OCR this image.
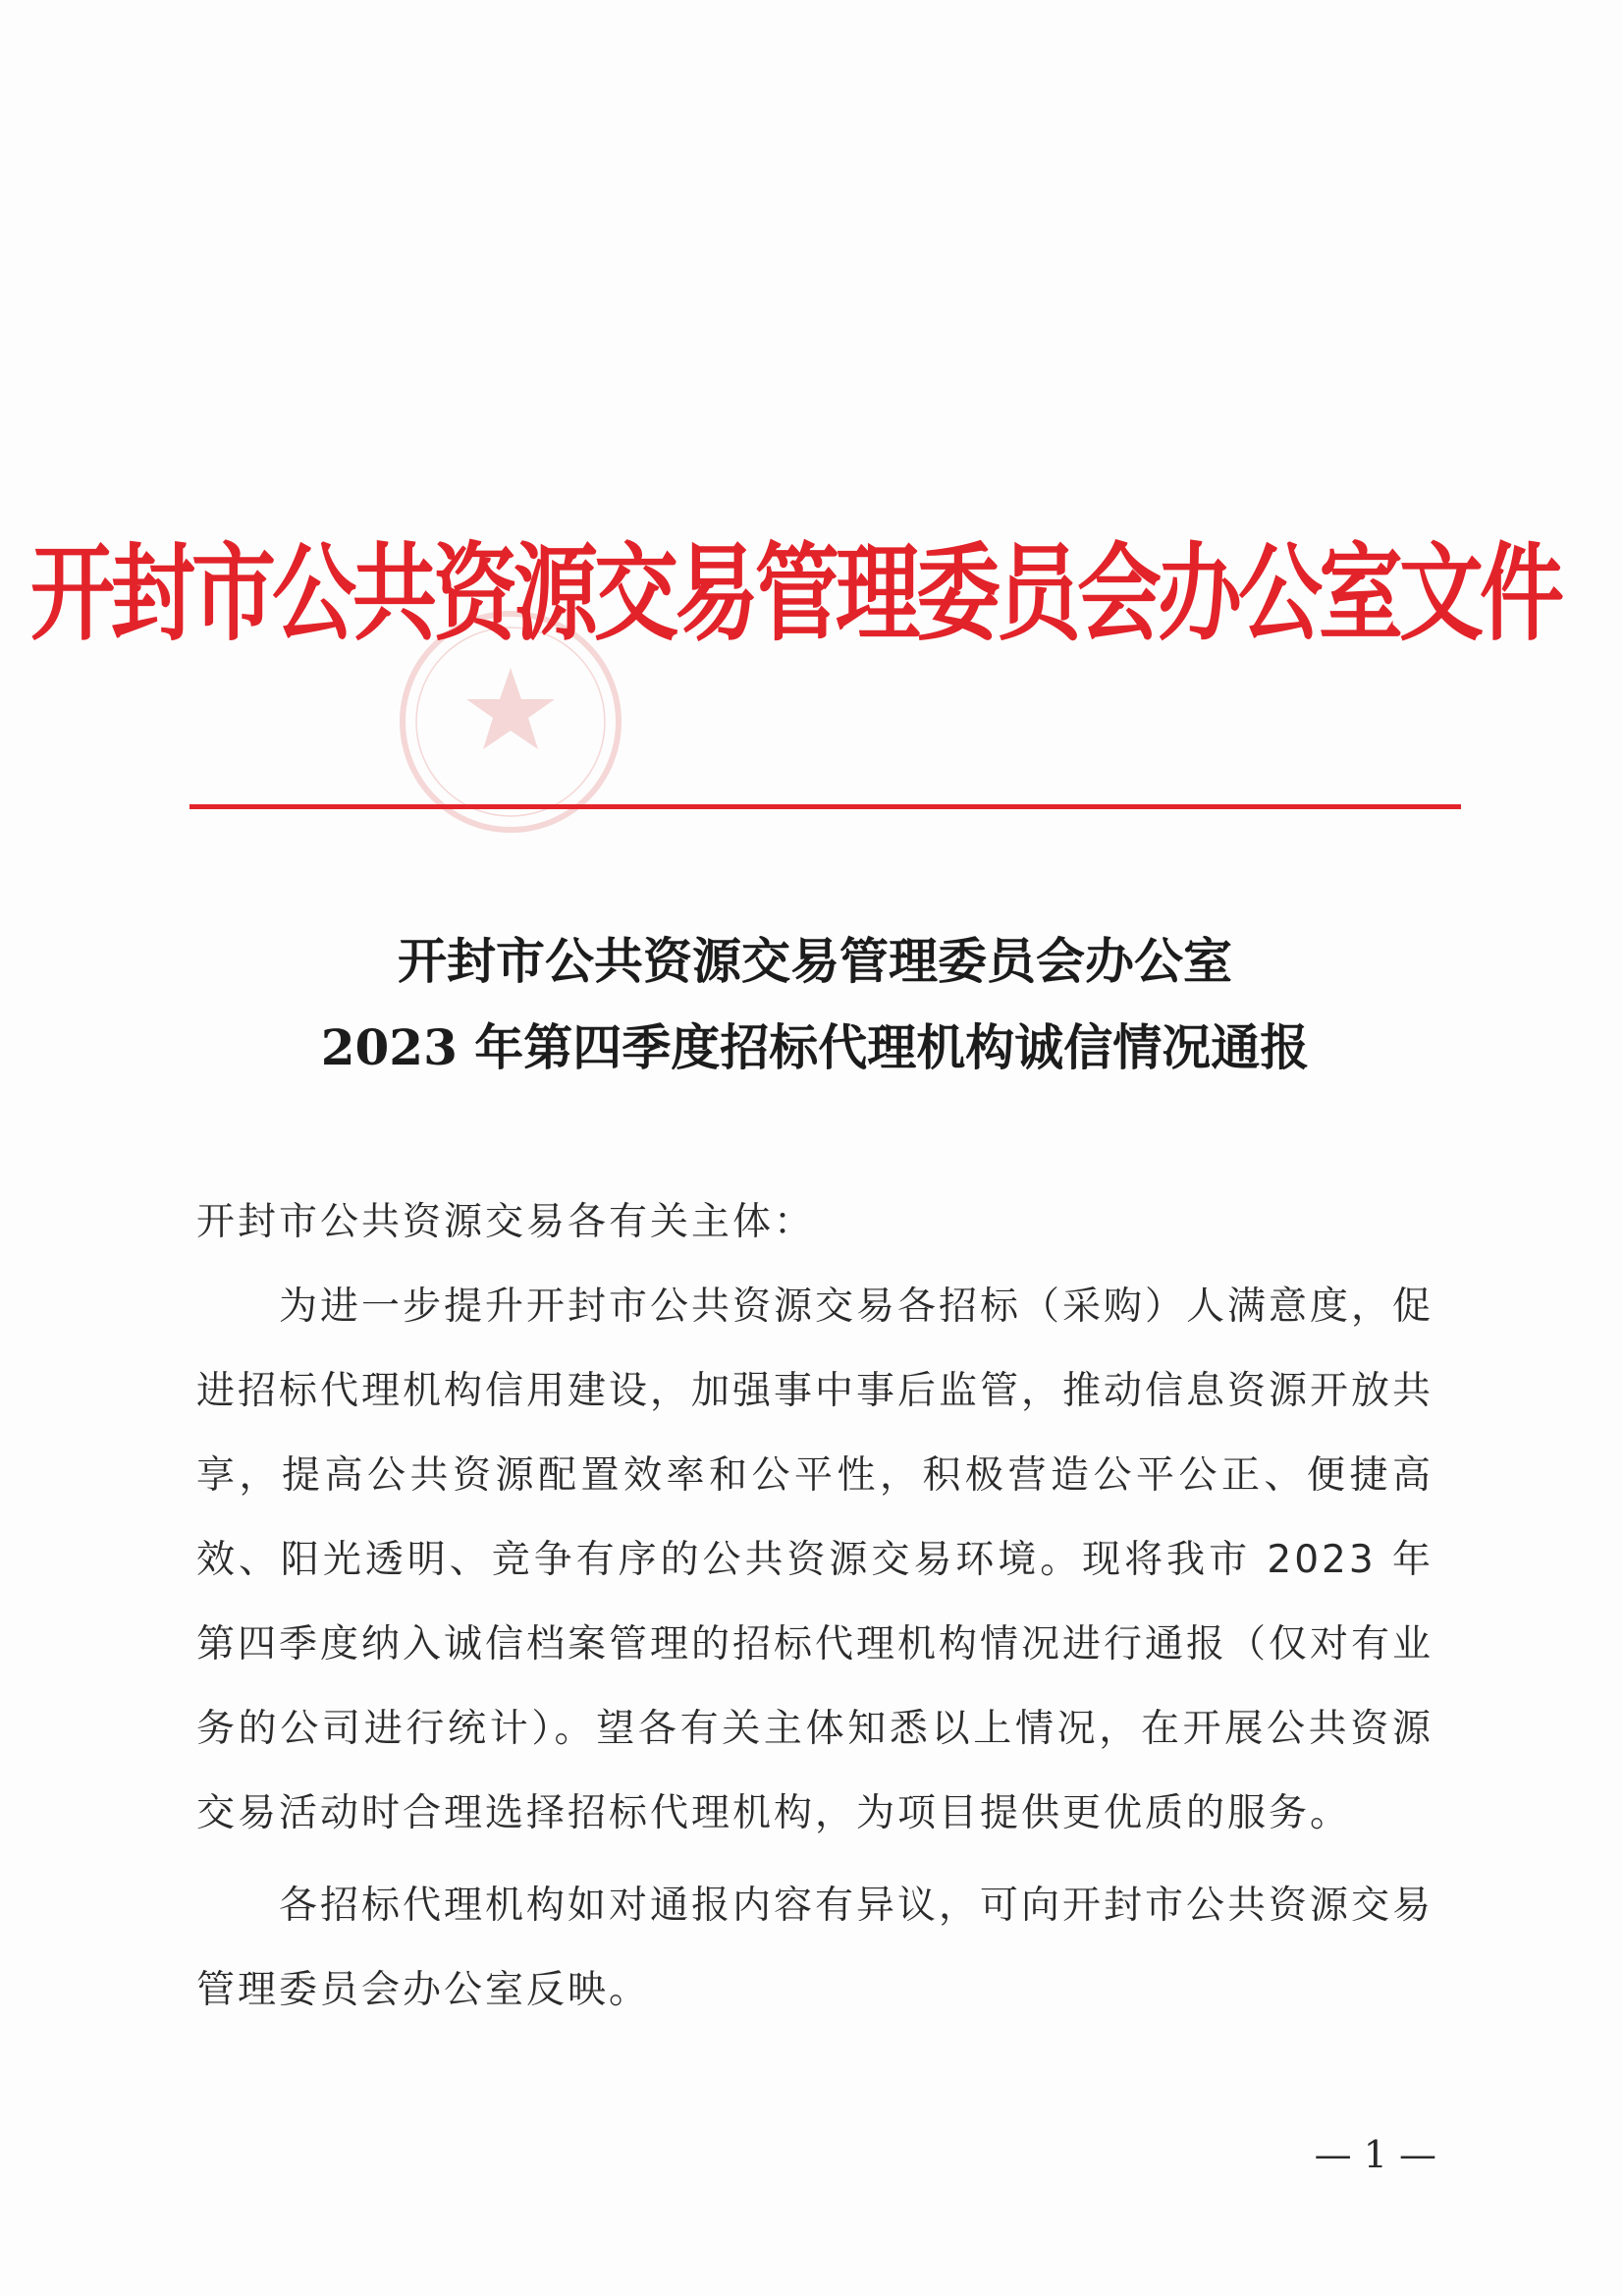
开封市公共资源交易管理委员会办公室文件
开封市公共资源交易管理委员会办公室
2023 年第四季度招标代理机构诚信情况通报

开封市公共资源交易各有关主体：

为进一步提升开封市公共资源交易各招标（采购）人满意度，促进招标代理机构信用建设，加强事中事后监管，推动信息资源开放共享，提高公共资源配置效率和公平性，积极营造公平公正、便捷高效、阳光透明、竞争有序的公共资源交易环境。现将我市 2023 年第四季度纳入诚信档案管理的招标代理机构情况进行通报（仅对有业务的公司进行统计）。望各有关主体知悉以上情况，在开展公共资源交易活动时合理选择招标代理机构，为项目提供更优质的服务。

各招标代理机构如对通报内容有异议，可向开封市公共资源交易管理委员会办公室反映。

— 1 —
